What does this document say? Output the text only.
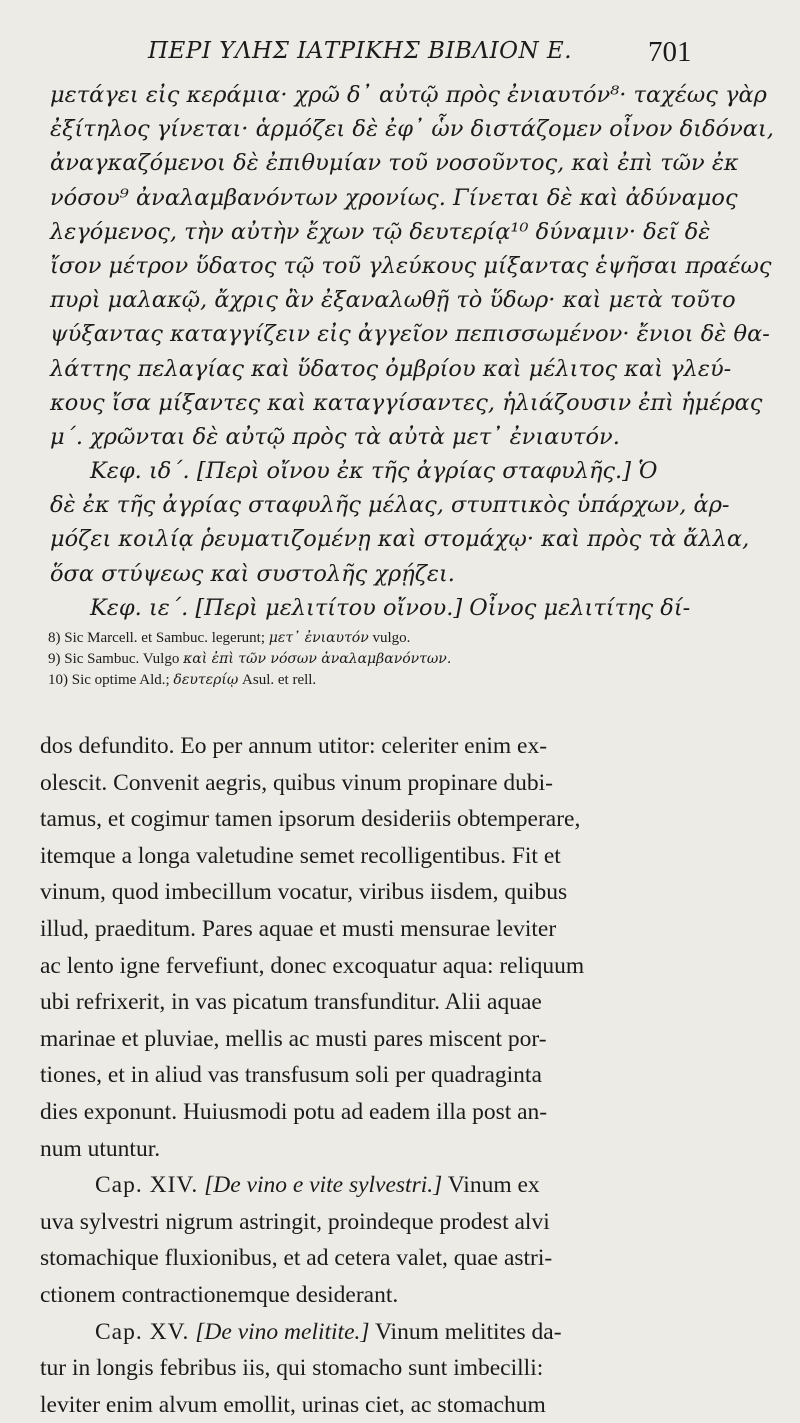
ΠΕΡΙ ΥΛΗΣ ΙΑΤΡΙΚΗΣ ΒΙΒΛΙΟΝ Ε.	701
μετάγει εἰς κεράμια· χρῶ δ᾽ αὐτῷ πρὸς ἐνιαυτόν⁸· ταχέως γὰρ
ἐξίτηλος γίνεται· ἁρμόζει δὲ ἐφ᾽ ὧν διστάζομεν οἶνον διδόναι,
ἀναγκαζόμενοι δὲ ἐπιθυμίαν τοῦ νοσοῦντος, καὶ ἐπὶ τῶν ἐκ
νόσου⁹ ἀναλαμβανόντων χρονίως. Γίνεται δὲ καὶ ἀδύναμος
λεγόμενος, τὴν αὐτὴν ἔχων τῷ δευτερίᾳ¹⁰ δύναμιν· δεῖ δὲ
ἴσον μέτρον ὕδατος τῷ τοῦ γλεύκους μίξαντας ἑψῆσαι πραέως
πυρὶ μαλακῷ, ἄχρις ἂν ἐξαναλωθῇ τὸ ὕδωρ· καὶ μετὰ τοῦτο
ψύξαντας καταγγίζειν εἰς ἀγγεῖον πεπισσωμένον· ἔνιοι δὲ θα-
λάττης πελαγίας καὶ ὕδατος ὀμβρίου καὶ μέλιτος καὶ γλεύ-
κους ἴσα μίξαντες καὶ καταγγίσαντες, ἡλιάζουσιν ἐπὶ ἡμέρας
μ΄. χρῶνται δὲ αὐτῷ πρὸς τὰ αὐτὰ μετ᾽ ἐνιαυτόν.
Κεφ. ιδ΄. [Περὶ οἴνου ἐκ τῆς ἀγρίας σταφυλῆς.] Ὁ
δὲ ἐκ τῆς ἀγρίας σταφυλῆς μέλας, στυπτικὸς ὑπάρχων, ἁρ-
μόζει κοιλίᾳ ῥευματιζομένῃ καὶ στομάχῳ· καὶ πρὸς τὰ ἄλλα,
ὅσα στύψεως καὶ συστολῆς χρῄζει.
Κεφ. ιε΄. [Περὶ μελιτίτου οἴνου.] Οἶνος μελιτίτης δί-
8) Sic Marcell. et Sambuc. legerunt; μετ᾽ ἐνιαυτόν vulgo.
9) Sic Sambuc. Vulgo καὶ ἐπὶ τῶν νόσων ἀναλαμβανόντων.
10) Sic optime Ald.; δευτερίῳ Asul. et rell.
dos defundito. Eo per annum utitor: celeriter enim ex-
olescit. Convenit aegris, quibus vinum propinare dubi-
tamus, et cogimur tamen ipsorum desideriis obtemperare,
itemque a longa valetudine semet recolligentibus. Fit et
vinum, quod imbecillum vocatur, viribus iisdem, quibus
illud, praeditum. Pares aquae et musti mensurae leviter
ac lento igne fervefiunt, donec excoquatur aqua: reliquum
ubi refrixerit, in vas picatum transfunditur. Alii aquae
marinae et pluviae, mellis ac musti pares miscent por-
tiones, et in aliud vas transfusum soli per quadraginta
dies exponunt. Huiusmodi potu ad eadem illa post an-
num utuntur.
Cap. XIV. [De vino e vite sylvestri.] Vinum ex
uva sylvestri nigrum astringit, proindeque prodest alvi
stomachique fluxionibus, et ad cetera valet, quae astri-
ctionem contractionemque desiderant.
Cap. XV. [De vino melitite.] Vinum melitites da-
tur in longis febribus iis, qui stomacho sunt imbecilli:
leviter enim alvum emollit, urinas ciet, ac stomachum
